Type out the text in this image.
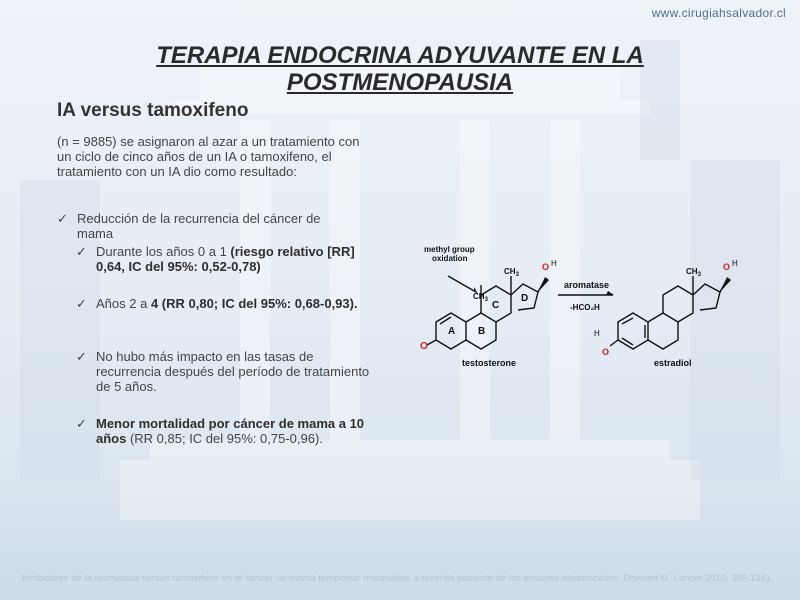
www.cirugiahsalvador.cl
TERAPIA ENDOCRINA ADYUVANTE EN LA
POSTMENOPAUSIA
IA versus tamoxifeno
(n = 9885) se asignaron al azar a un tratamiento con un ciclo de cinco años de un IA o tamoxifeno, el tratamiento con un IA dio como resultado:
✓ Reducción de la recurrencia del cáncer de mama
✓ Durante los años 0 a 1 (riesgo relativo [RR] 0,64, IC del 95%: 0,52-0,78)
✓ Años 2 a 4 (RR 0,80; IC del 95%: 0,68-0,93).
✓ No hubo más impacto en las tasas de recurrencia después del período de tratamiento de 5 años.
✓ Menor mortalidad por cáncer de mama a 10 años (RR 0,85; IC del 95%: 0,75-0,96).
methyl group
oxidation
$CH_3$
$CH_3$	$CH_3$
A B
C
D
O
O H	O H
O
H
testosterone
aromatase
-HCO₂H
estradiol
Inhibidores de la aromatasa versus tamoxifeno en el cáncer de mama temprano: metanálisis a nivel de paciente de los ensayos aleatorizados. Dowsett M, Lancet 2015; 386:1341.
